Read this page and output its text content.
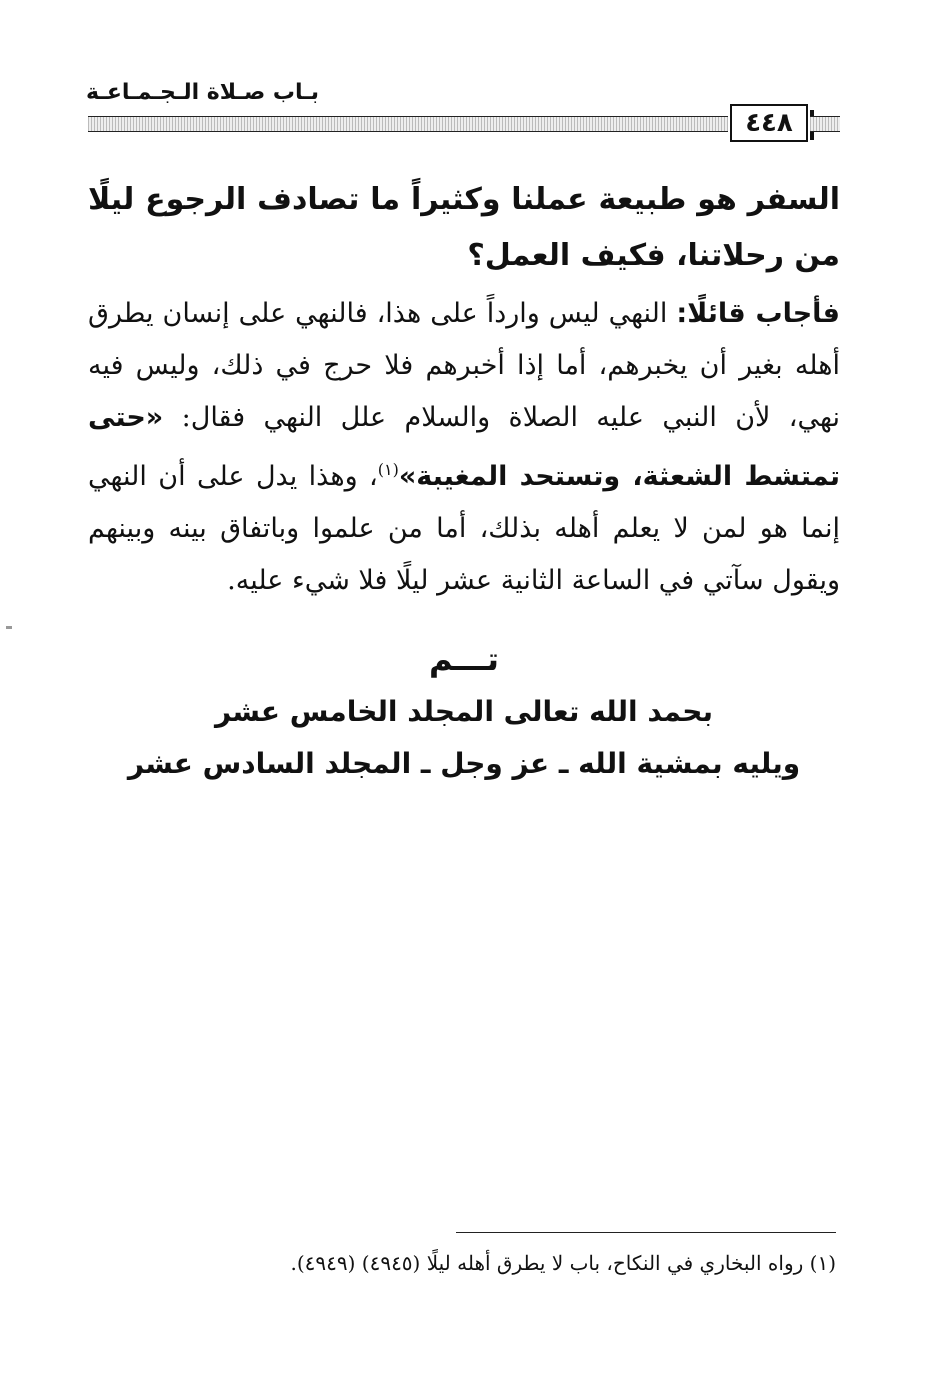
بـاب صـلاة الـجـمـاعـة
٤٤٨

السفر هو طبيعة عملنا وكثيراً ما تصادف الرجوع ليلًا من رحلاتنا، فكيف العمل؟

فأجاب قائلًا: النهي ليس وارداً على هذا، فالنهي على إنسان يطرق أهله بغير أن يخبرهم، أما إذا أخبرهم فلا حرج في ذلك، وليس فيه نهي، لأن النبي عليه الصلاة والسلام علل النهي فقال: «حتى تمتشط الشعثة، وتستحد المغيبة»$^{(١)}$، وهذا يدل على أن النهي إنما هو لمن لا يعلم أهله بذلك، أما من علموا وباتفاق بينه وبينهم ويقول سآتي في الساعة الثانية عشر ليلًا فلا شيء عليه.

تـــم
بحمد الله تعالى المجلد الخامس عشر
ويليه بمشية الله ـ عز وجل ـ المجلد السادس عشر
(١) رواه البخاري في النكاح، باب لا يطرق أهله ليلًا (٤٩٤٥) (٤٩٤٩).
